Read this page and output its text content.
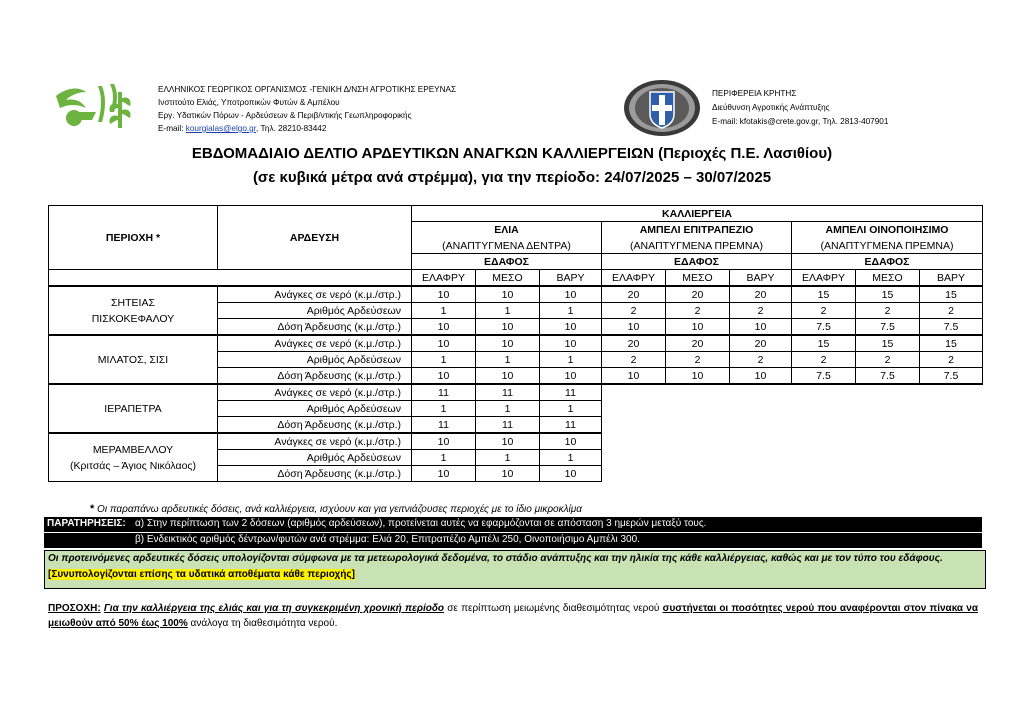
ΕΛΛΗΝΙΚΟΣ ΓΕΩΡΓΙΚΟΣ ΟΡΓΑΝΙΣΜΟΣ -ΓΕΝΙΚΗ Δ/ΝΣΗ ΑΓΡΟΤΙΚΗΣ ΕΡΕΥΝΑΣ
Ινστιτούτο Ελιάς, Υποτροπικών Φυτών & Αμπέλου
Εργ. Υδατικών Πόρων - Αρδεύσεων & Περιβ/ντικής Γεωπληροφορικής
E-mail: kourgialas@elgo.gr, Τηλ. 28210-83442
ΠΕΡΙΦΕΡΕΙΑ ΚΡΗΤΗΣ
Διεύθυνση Αγροτικής Ανάπτυξης
E-mail: kfotakis@crete.gov.gr, Τηλ. 2813-407901
ΕΒΔΟΜΑΔΙΑΙΟ ΔΕΛΤΙΟ ΑΡΔΕΥΤΙΚΩΝ ΑΝΑΓΚΩΝ ΚΑΛΛΙΕΡΓΕΙΩΝ (Περιοχές Π.Ε. Λασιθίου)
(σε κυβικά μέτρα ανά στρέμμα), για την περίοδο: 24/07/2025 – 30/07/2025
ΠΕΡΙΟΧΗ *	ΑΡΔΕΥΣΗ	ΚΑΛΛΙΕΡΓΕΙΑ								
		ΕΛΙΑ			ΑΜΠΕΛΙ ΕΠΙΤΡΑΠΕΖΙΟ			ΑΜΠΕΛΙ ΟΙΝΟΠΟΙΗΣΙΜΟ		
		(ΑΝΑΠΤΥΓΜΕΝΑ ΔΕΝΤΡΑ)			(ΑΝΑΠΤΥΓΜΕΝΑ ΠΡΕΜΝΑ)			(ΑΝΑΠΤΥΓΜΕΝΑ ΠΡΕΜΝΑ)		
		ΕΔΑΦΟΣ			ΕΔΑΦΟΣ			ΕΔΑΦΟΣ		
		ΕΛΑΦΡΥ	ΜΕΣΟ	ΒΑΡΥ	ΕΛΑΦΡΥ	ΜΕΣΟ	ΒΑΡΥ	ΕΛΑΦΡΥ	ΜΕΣΟ	ΒΑΡΥ
ΣΗΤΕΙΑΣ
ΠΙΣΚΟΚΕΦΑΛΟΥ	Ανάγκες σε νερό (κ.μ./στρ.)	10	10	10	20	20	20	15	15	15
	Αριθμός Αρδεύσεων	1	1	1	2	2	2	2	2	2
	Δόση Άρδευσης (κ.μ./στρ.)	10	10	10	10	10	10	7.5	7.5	7.5
ΜΙΛΑΤΟΣ, ΣΙΣΙ	Ανάγκες σε νερό (κ.μ./στρ.)	10	10	10	20	20	20	15	15	15
	Αριθμός Αρδεύσεων	1	1	1	2	2	2	2	2	2
	Δόση Άρδευσης (κ.μ./στρ.)	10	10	10	10	10	10	7.5	7.5	7.5
ΙΕΡΑΠΕΤΡΑ	Ανάγκες σε νερό (κ.μ./στρ.)	11	11	11						
	Αριθμός Αρδεύσεων	1	1	1						
	Δόση Άρδευσης (κ.μ./στρ.)	11	11	11						
ΜΕΡΑΜΒΕΛΛΟΥ
(Κριτσάς – Άγιος Νικόλαος)	Ανάγκες σε νερό (κ.μ./στρ.)	10	10	10						
	Αριθμός Αρδεύσεων	1	1	1						
	Δόση Άρδευσης (κ.μ./στρ.)	10	10	10						
* Οι παραπάνω αρδευτικές δόσεις, ανά καλλιέργεια, ισχύουν και για γειτνιάζουσες περιοχές με το ίδιο μικροκλίμα
ΠΑΡΑΤΗΡΗΣΕΙΣ: α) Στην περίπτωση των 2 δόσεων (αριθμός αρδεύσεων), προτείνεται αυτές να εφαρμόζονται σε απόσταση 3 ημερών μεταξύ τους.
β) Ενδεικτικός αριθμός δέντρων/φυτών ανά στρέμμα: Ελιά 20, Επιτραπέζιο Αμπέλι 250, Οινοποιήσιμο Αμπέλι 300.
Οι προτεινόμενες αρδευτικές δόσεις υπολογίζονται σύμφωνα με τα μετεωρολογικά δεδομένα, το στάδιο ανάπτυξης και την ηλικία της κάθε καλλιέργειας, καθώς και με τον τύπο του εδάφους. [Συνυπολογίζονται επίσης τα υδατικά αποθέματα κάθε περιοχής]
ΠΡΟΣΟΧΗ: Για την καλλιέργεια της ελιάς και για τη συγκεκριμένη χρονική περίοδο σε περίπτωση μειωμένης διαθεσιμότητας νερού συστήνεται οι ποσότητες νερού που αναφέρονται στον πίνακα να μειωθούν από 50% έως 100% ανάλογα τη διαθεσιμότητα νερού.
